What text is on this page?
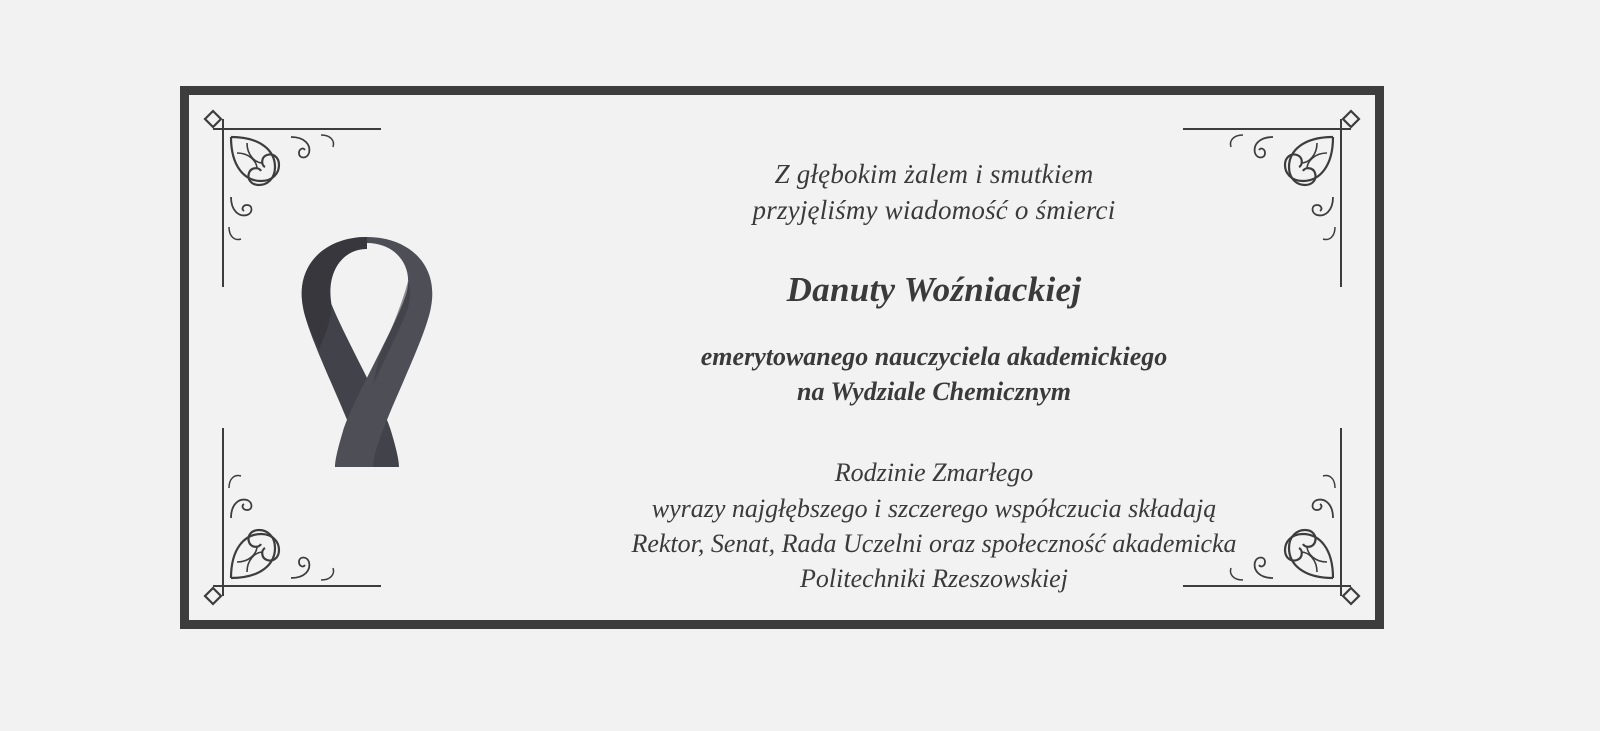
Z głębokim żalem i smutkiem
przyjęliśmy wiadomość o śmierci
Danuty Woźniackiej
emerytowanego nauczyciela akademickiego
na Wydziale Chemicznym
Rodzinie Zmarłego
wyrazy najgłębszego i szczerego współczucia składają
Rektor, Senat, Rada Uczelni oraz społeczność akademicka
Politechniki Rzeszowskiej
